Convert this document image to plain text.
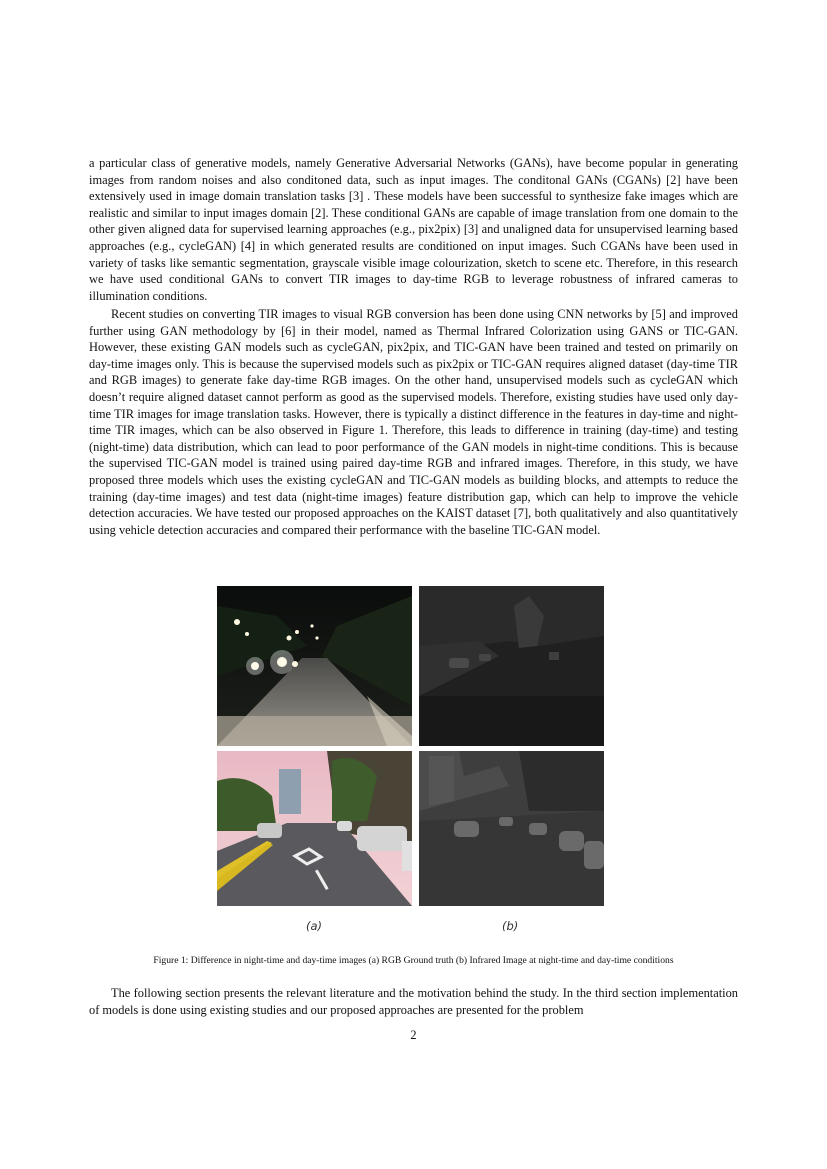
a particular class of generative models, namely Generative Adversarial Networks (GANs), have become popular in generating images from random noises and also conditoned data, such as input images. The conditonal GANs (CGANs) [2] have been extensively used in image domain translation tasks [3] . These models have been successful to synthesize fake images which are realistic and similar to input images domain [2]. These conditional GANs are capable of image translation from one domain to the other given aligned data for supervised learning approaches (e.g., pix2pix) [3] and unaligned data for unsupervised learning based approaches (e.g., cycleGAN) [4] in which generated results are conditioned on input images. Such CGANs have been used in variety of tasks like semantic segmentation, grayscale visible image colourization, sketch to scene etc. Therefore, in this research we have used conditional GANs to convert TIR images to day-time RGB to leverage robustness of infrared cameras to illumination conditions.

Recent studies on converting TIR images to visual RGB conversion has been done using CNN networks by [5] and improved further using GAN methodology by [6] in their model, named as Thermal Infrared Colorization using GANS or TIC-GAN. However, these existing GAN models such as cycleGAN, pix2pix, and TIC-GAN have been trained and tested on primarily on day-time images only. This is because the supervised models such as pix2pix or TIC-GAN requires aligned dataset (day-time TIR and RGB images) to generate fake day-time RGB images. On the other hand, unsupervised models such as cycleGAN which doesn’t require aligned dataset cannot perform as good as the supervised models. Therefore, existing studies have used only day-time TIR images for image translation tasks. However, there is typically a distinct difference in the features in day-time and night-time TIR images, which can be also observed in Figure 1. Therefore, this leads to difference in training (day-time) and testing (night-time) data distribution, which can lead to poor performance of the GAN models in night-time conditions. This is because the supervised TIC-GAN model is trained using paired day-time RGB and infrared images. Therefore, in this study, we have proposed three models which uses the existing cycleGAN and TIC-GAN models as building blocks, and attempts to reduce the training (day-time images) and test data (night-time images) feature distribution gap, which can help to improve the vehicle detection accuracies. We have tested our proposed approaches on the KAIST dataset [7], both qualitatively and also quantitatively using vehicle detection accuracies and compared their performance with the baseline TIC-GAN model.

(a)	(b)

Figure 1: Difference in night-time and day-time images (a) RGB Ground truth (b) Infrared Image at night-time and day-time conditions

The following section presents the relevant literature and the motivation behind the study. In the third section implementation of models is done using existing studies and our proposed approaches are presented for the problem

2
